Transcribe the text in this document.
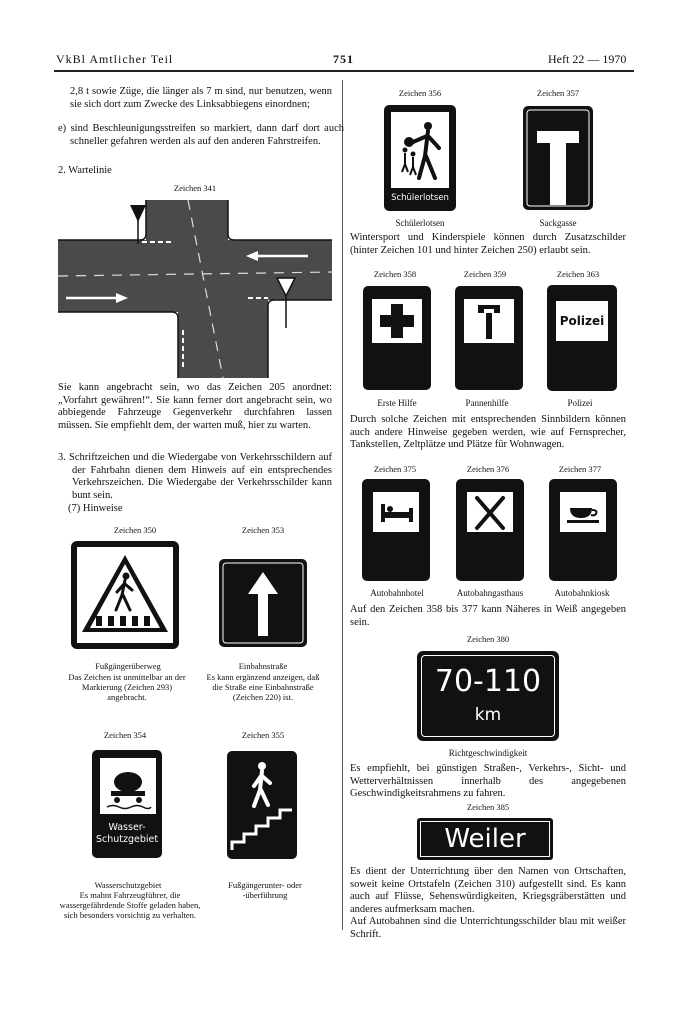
VkBl Amtlicher Teil	751	Heft 22 — 1970
2,8 t sowie Züge, die länger als 7 m sind, nur benutzen, wenn sie sich dort zum Zwecke des Linksabbiegens einordnen;
e) sind Beschleunigungsstreifen so markiert, dann darf dort auch schneller gefahren werden als auf den anderen Fahrstreifen.
2. Wartelinie
Zeichen 341
Sie kann angebracht sein, wo das Zeichen 205 anordnet: „Vorfahrt gewähren!“. Sie kann ferner dort angebracht sein, wo abbiegende Fahrzeuge Gegenverkehr durchfahren lassen müssen. Sie empfiehlt dem, der warten muß, hier zu warten.
3. Schriftzeichen und die Wiedergabe von Verkehrsschildern auf der Fahrbahn dienen dem Hinweis auf ein entsprechendes Verkehrszeichen. Die Wiedergabe der Verkehrsschilder kann bunt sein.
(7) Hinweise
Zeichen 350	Zeichen 353
Fußgängerüberweg
Das Zeichen ist unmittelbar an der Markierung (Zeichen 293) angebracht.
Einbahnstraße
Es kann ergänzend anzeigen, daß die Straße eine Einbahnstraße (Zeichen 220) ist.
Zeichen 354	Zeichen 355
Wasser-
Schutzgebiet
Wasserschutzgebiet
Es mahnt Fahrzeugführer, die wassergefährdende Stoffe geladen haben, sich besonders vorsichtig zu verhalten.
Fußgängerunter- oder -überführung
Zeichen 356	Zeichen 357
Schülerlotsen
Schülerlotsen	Sackgasse
Wintersport und Kinderspiele können durch Zusatzschilder (hinter Zeichen 101 und hinter Zeichen 250) erlaubt sein.
Zeichen 358	Zeichen 359	Zeichen 363
Polizei
Erste Hilfe	Pannenhilfe	Polizei
Durch solche Zeichen mit entsprechenden Sinnbildern können auch andere Hinweise gegeben werden, wie auf Fernsprecher, Tankstellen, Zeltplätze und Plätze für Wohnwagen.
Zeichen 375	Zeichen 376	Zeichen 377
Autobahnhotel	Autobahngasthaus	Autobahnkiosk
Auf den Zeichen 358 bis 377 kann Näheres in Weiß angegeben sein.
Zeichen 380
70-110
km
Richtgeschwindigkeit
Es empfiehlt, bei günstigen Straßen-, Verkehrs-, Sicht- und Wetterverhältnissen innerhalb des angegebenen Geschwindigkeitsrahmens zu fahren.
Zeichen 385
Weiler
Es dient der Unterrichtung über den Namen von Ortschaften, soweit keine Ortstafeln (Zeichen 310) aufgestellt sind. Es kann auch auf Flüsse, Sehenswürdigkeiten, Kriegsgräberstätten und anderes aufmerksam machen.
Auf Autobahnen sind die Unterrichtungsschilder blau mit weißer Schrift.
